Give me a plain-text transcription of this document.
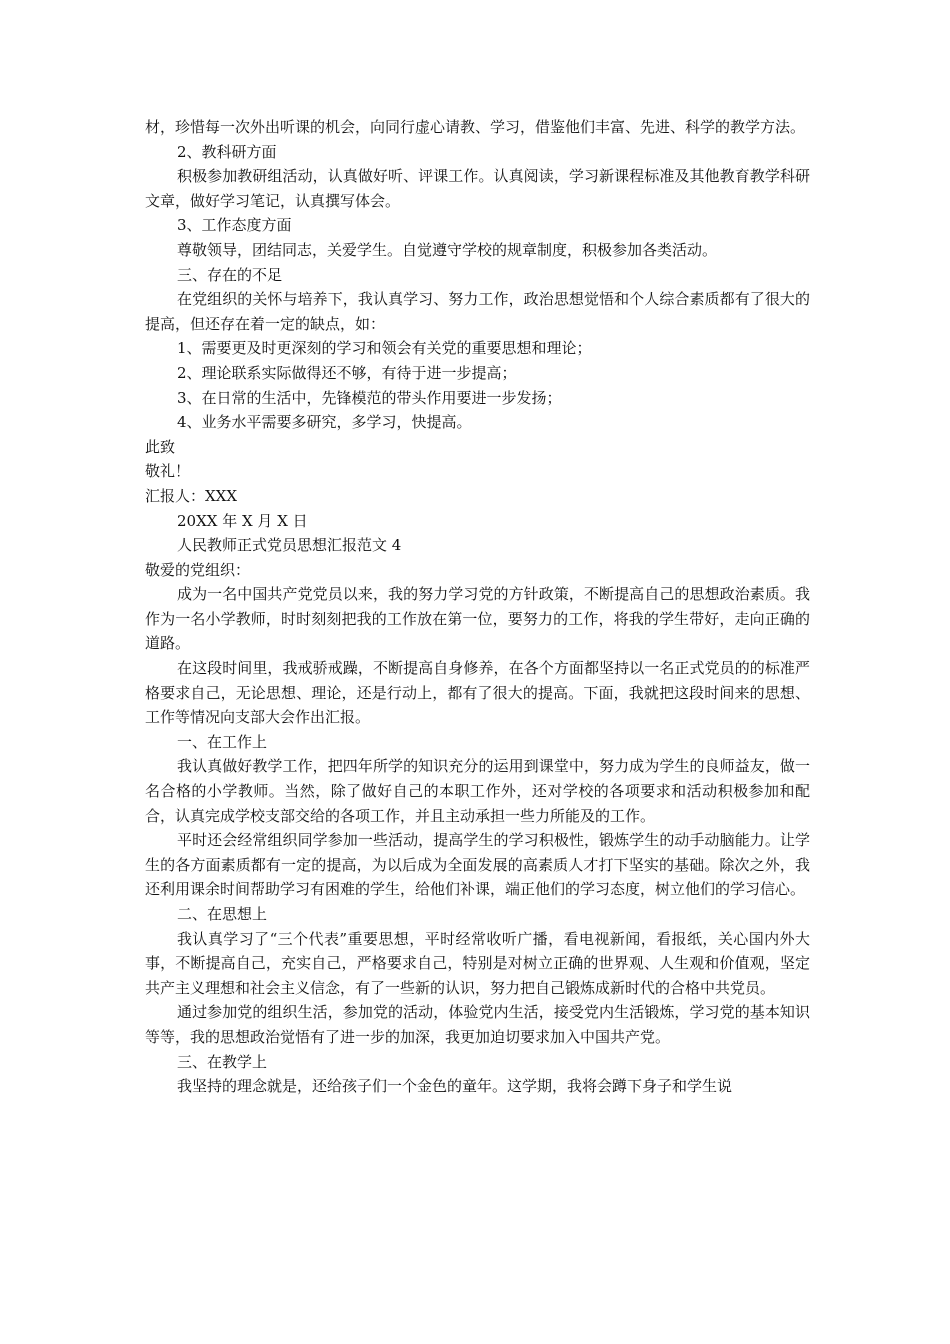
材，珍惜每一次外出听课的机会，向同行虚心请教、学习，借鉴他们丰富、先进、科学的教学方法。

2、教科研方面

积极参加教研组活动，认真做好听、评课工作。认真阅读，学习新课程标准及其他教育教学科研文章，做好学习笔记，认真撰写体会。

3、工作态度方面

尊敬领导，团结同志，关爱学生。自觉遵守学校的规章制度，积极参加各类活动。

三、存在的不足

在党组织的关怀与培养下，我认真学习、努力工作，政治思想觉悟和个人综合素质都有了很大的提高，但还存在着一定的缺点，如：

1、需要更及时更深刻的学习和领会有关党的重要思想和理论；

2、理论联系实际做得还不够，有待于进一步提高；

3、在日常的生活中，先锋模范的带头作用要进一步发扬；

4、业务水平需要多研究，多学习，快提高。

此致

敬礼！

汇报人：XXX

20XX 年 X 月 X 日

人民教师正式党员思想汇报范文 4

敬爱的党组织：

成为一名中国共产党党员以来，我的努力学习党的方针政策，不断提高自己的思想政治素质。我作为一名小学教师，时时刻刻把我的工作放在第一位，要努力的工作，将我的学生带好，走向正确的道路。

在这段时间里，我戒骄戒躁，不断提高自身修养，在各个方面都坚持以一名正式党员的的标准严格要求自己，无论思想、理论，还是行动上，都有了很大的提高。下面，我就把这段时间来的思想、工作等情况向支部大会作出汇报。

一、在工作上

我认真做好教学工作，把四年所学的知识充分的运用到课堂中，努力成为学生的良师益友，做一名合格的小学教师。当然，除了做好自己的本职工作外，还对学校的各项要求和活动积极参加和配合，认真完成学校支部交给的各项工作，并且主动承担一些力所能及的工作。

平时还会经常组织同学参加一些活动，提高学生的学习积极性，锻炼学生的动手动脑能力。让学生的各方面素质都有一定的提高，为以后成为全面发展的高素质人才打下坚实的基础。除次之外，我还利用课余时间帮助学习有困难的学生，给他们补课，端正他们的学习态度，树立他们的学习信心。

二、在思想上

我认真学习了“三个代表”重要思想，平时经常收听广播，看电视新闻，看报纸，关心国内外大事，不断提高自己，充实自己，严格要求自己，特别是对树立正确的世界观、人生观和价值观，坚定共产主义理想和社会主义信念，有了一些新的认识，努力把自己锻炼成新时代的合格中共党员。

通过参加党的组织生活，参加党的活动，体验党内生活，接受党内生活锻炼，学习党的基本知识等等，我的思想政治觉悟有了进一步的加深，我更加迫切要求加入中国共产党。

三、在教学上

我坚持的理念就是，还给孩子们一个金色的童年。这学期，我将会蹲下身子和学生说
